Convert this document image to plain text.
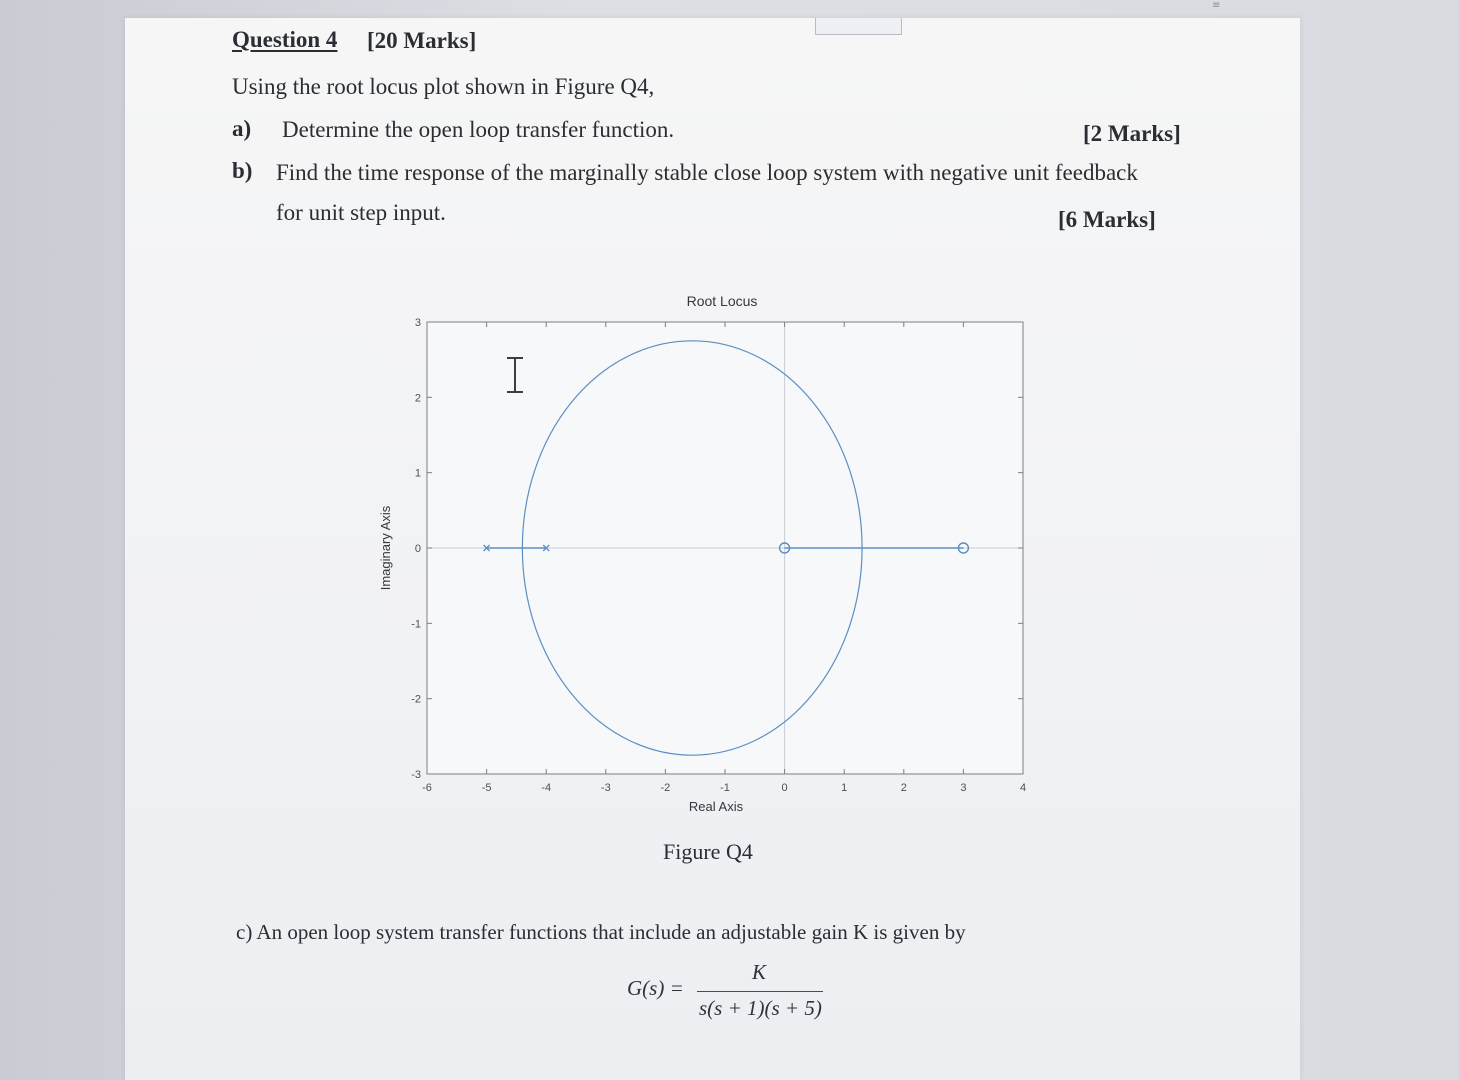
≡
Question 4 [20 Marks]
Using the root locus plot shown in Figure Q4,
a) Determine the open loop transfer function.	[2 Marks]
b) Find the time response of the marginally stable close loop system with negative unit feedback
for unit step input.	[6 Marks]
Root Locus
-6	-5	-4	-3	-2	-1	0	1	2	3	4
-3
-2
-1
0
1
2
3
Real Axis
Imaginary Axis
Figure Q4
c) An open loop system transfer functions that include an adjustable gain K is given by
G(s) =
K
s(s + 1)(s + 5)
